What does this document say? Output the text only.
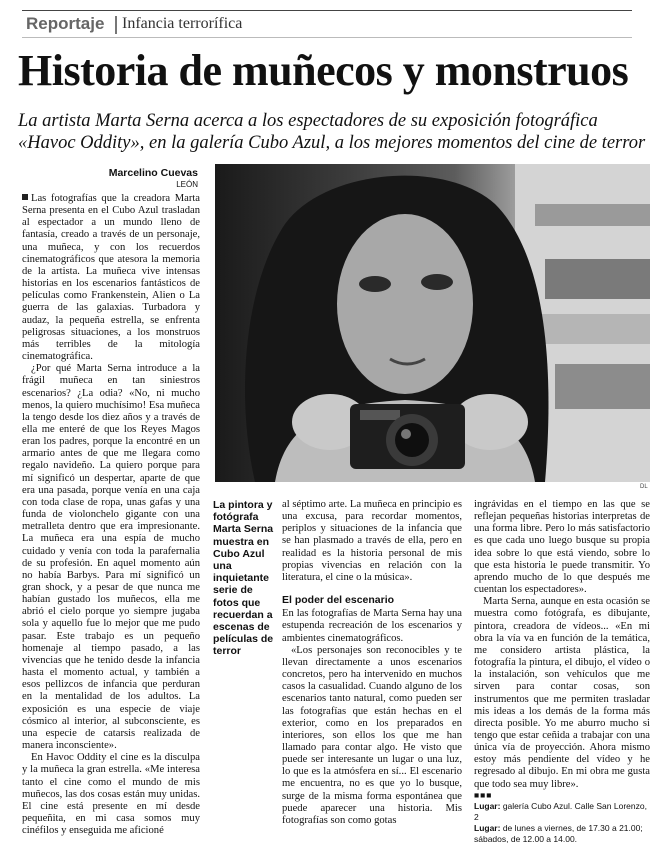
Reportaje Infancia terrorífica
Historia de muñecos y monstruos

La artista Marta Serna acerca a los espectadores de su exposición fotográfica «Havoc Oddity», en la galería Cubo Azul, a los mejores momentos del cine de terror

Marcelino Cuevas
LEÓN

Las fotografías que la creadora Marta Serna presenta en el Cubo Azul trasladan al espectador a un mundo lleno de fantasía, creado a través de un personaje, una muñeca, y con los recuerdos cinematográficos que atesora la memoria de la artista. La muñeca vive intensas historias en los escenarios fantásticos de películas como Frankenstein, Alien o La guerra de las galaxias. Turbadora y audaz, la pequeña estrella, se enfrenta peligrosas situaciones, a los monstruos más terribles de la mitología cinematográfica.

¿Por qué Marta Serna introduce a la frágil muñeca en tan siniestros escenarios? ¿La odia? «No, ni mucho menos, la quiero muchísimo! Esa muñeca la tengo desde los diez años y a través de ella me enteré de que los Reyes Magos eran los padres, porque la encontré en un armario antes de que me llegara como regalo navideño. La quiero porque para mí significó un despertar, aparte de que era una pasada, porque venía en una caja con toda clase de ropa, unas gafas y una funda de violonchelo gigante con una metralleta dentro que era impresionante. La muñeca era una espía de mucho cuidado y venía con toda la parafernalia de su profesión. En aquel momento aún no había Barbys. Para mí significó un gran shock, y a pesar de que nunca me habían gustado los muñecos, ella me abrió el cielo porque yo siempre jugaba sola y aquello fue lo mejor que me pudo pasar. Este trabajo es un pequeño homenaje al tiempo pasado, a las vivencias que he tenido desde la infancia hasta el momento actual, y también a esos pellizcos de infancia que perduran en la mentalidad de los adultos. La exposición es una especie de viaje cósmico al interior, al subconsciente, es una especie de catarsis realizada de manera inconsciente».

En Havoc Oddity el cine es la disculpa y la muñeca la gran estrella. «Me interesa tanto el cine como el mundo de mis muñecos, las dos cosas están muy unidas. El cine está presente en mí desde pequeñita, en mi casa somos muy cinéfilos y enseguida me aficioné

DL
La pintora y fotógrafa Marta Serna muestra en Cubo Azul una inquietante serie de fotos que recuerdan a escenas de películas de terror

al séptimo arte. La muñeca en principio es una excusa, para recordar momentos, periplos y situaciones de la infancia que se han plasmado a través de ella, pero en realidad es la historia personal de mis propias vivencias en relación con la literatura, el cine o la música».

El poder del escenario

En las fotografías de Marta Serna hay una estupenda recreación de los escenarios y ambientes cinematográficos.

«Los personajes son reconocibles y te llevan directamente a unos escenarios concretos, pero ha intervenido en muchos casos la casualidad. Cuando alguno de los escenarios tanto natural, como pueden ser las fotografías que están hechas en el exterior, como en los preparados en interiores, son ellos los que me han llamado para contar algo. He visto que puede ser interesante un lugar o una luz, lo que es la atmósfera en sí... El escenario me encuentra, no es que yo lo busque, surge de la misma forma espontánea que puede aparecer una historia. Mis fotografías son como gotas

ingrávidas en el tiempo en las que se reflejan pequeñas historias interpretas de una forma libre. Pero lo más satisfactorio es que cada uno luego busque su propia idea sobre lo que está viendo, sobre lo que esta historia le puede transmitir. Yo aprendo mucho de lo que después me cuentan los espectadores».

Marta Serna, aunque en esta ocasión se muestra como fotógrafa, es dibujante, pintora, creadora de vídeos... «En mi obra la vía va en función de la temática, me considero artista plástica, la fotografía la pintura, el dibujo, el vídeo o la instalación, son vehículos que me sirven para contar cosas, son instrumentos que me permiten trasladar mis ideas a los demás de la forma más directa posible. Yo me aburro mucho si tengo que estar ceñida a trabajar con una única vía de proyección. Ahora mismo estoy más pendiente del vídeo y he regresado al dibujo. En mi obra me gusta que todo sea muy libre».

■■■
Lugar: galería Cubo Azul. Calle San Lorenzo, 2
Lugar: de lunes a viernes, de 17.30 a 21.00; sábados, de 12.00 a 14.00.
